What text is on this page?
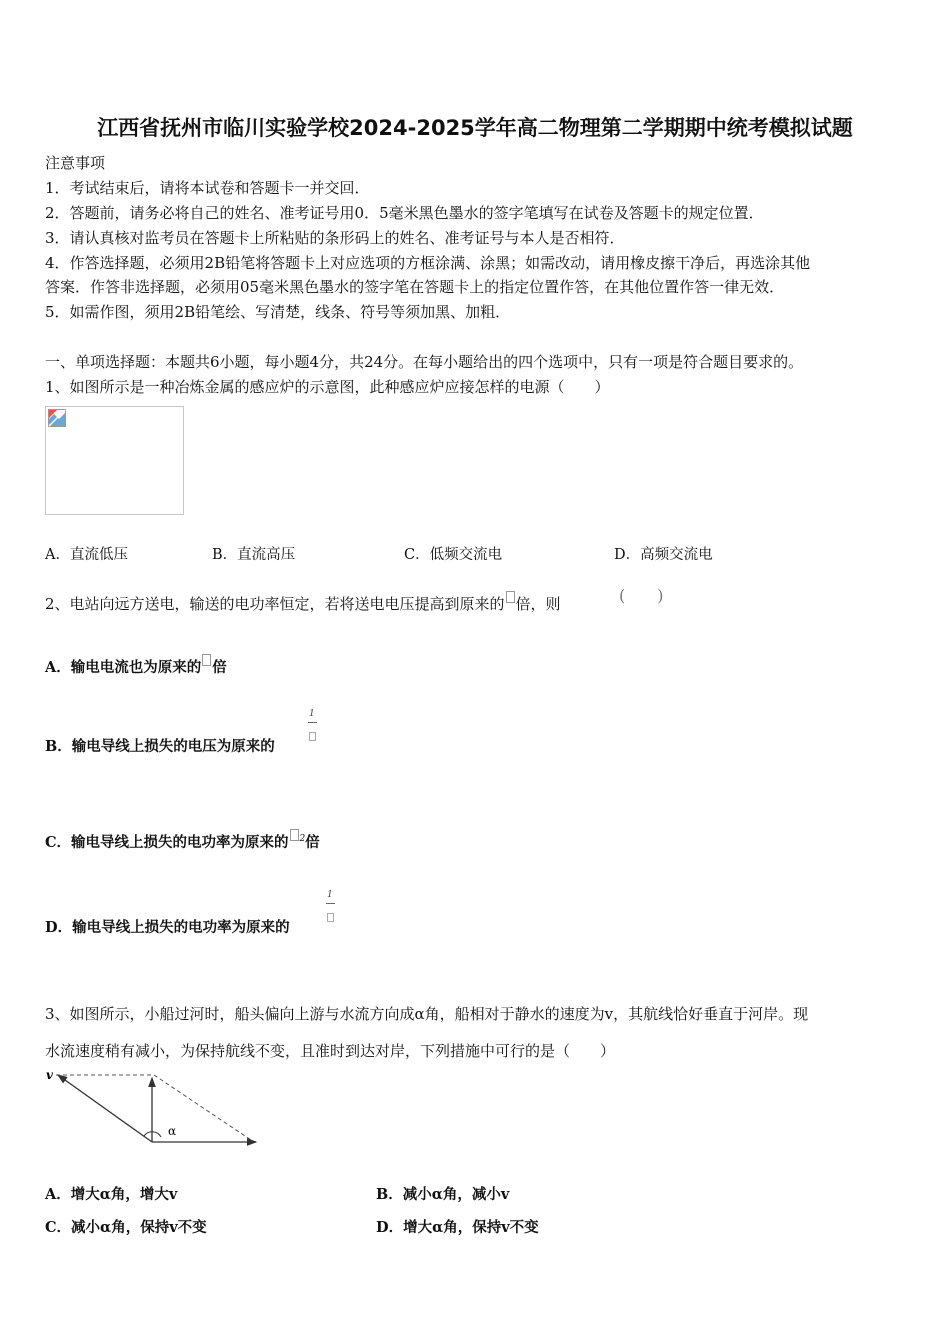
江西省抚州市临川实验学校2024-2025学年高二物理第二学期期中统考模拟试题
注意事项
1．考试结束后，请将本试卷和答题卡一并交回．
2．答题前，请务必将自己的姓名、准考证号用0．5毫米黑色墨水的签字笔填写在试卷及答题卡的规定位置．
3．请认真核对监考员在答题卡上所粘贴的条形码上的姓名、准考证号与本人是否相符．
4．作答选择题，必须用2B铅笔将答题卡上对应选项的方框涂满、涂黑；如需改动，请用橡皮擦干净后，再选涂其他
答案．作答非选择题，必须用05毫米黑色墨水的签字笔在答题卡上的指定位置作答，在其他位置作答一律无效．
5．如需作图，须用2B铅笔绘、写清楚，线条、符号等须加黑、加粗．
一、单项选择题：本题共6小题，每小题4分，共24分。在每小题给出的四个选项中，只有一项是符合题目要求的。
1、如图所示是一种冶炼金属的感应炉的示意图，此种感应炉应接怎样的电源（　　）
A．直流低压	B．直流高压	C．低频交流电	D．高频交流电
2、电站向远方送电，输送的电功率恒定，若将送电电压提高到原来的 倍，则	(　　)
A．输电电流也为原来的 倍
B．输电导线上损失的电压为原来的
1
C．输电导线上损失的电功率为原来的 $^2$倍
D．输电导线上损失的电功率为原来的
1
3、如图所示，小船过河时，船头偏向上游与水流方向成α角，船相对于静水的速度为v，其航线恰好垂直于河岸。现
水流速度稍有减小，为保持航线不变，且准时到达对岸，下列措施中可行的是（　　）
v
α
A．增大α角，增大v	B．减小α角，减小v
C．减小α角，保持v不变	D．增大α角，保持v不变
